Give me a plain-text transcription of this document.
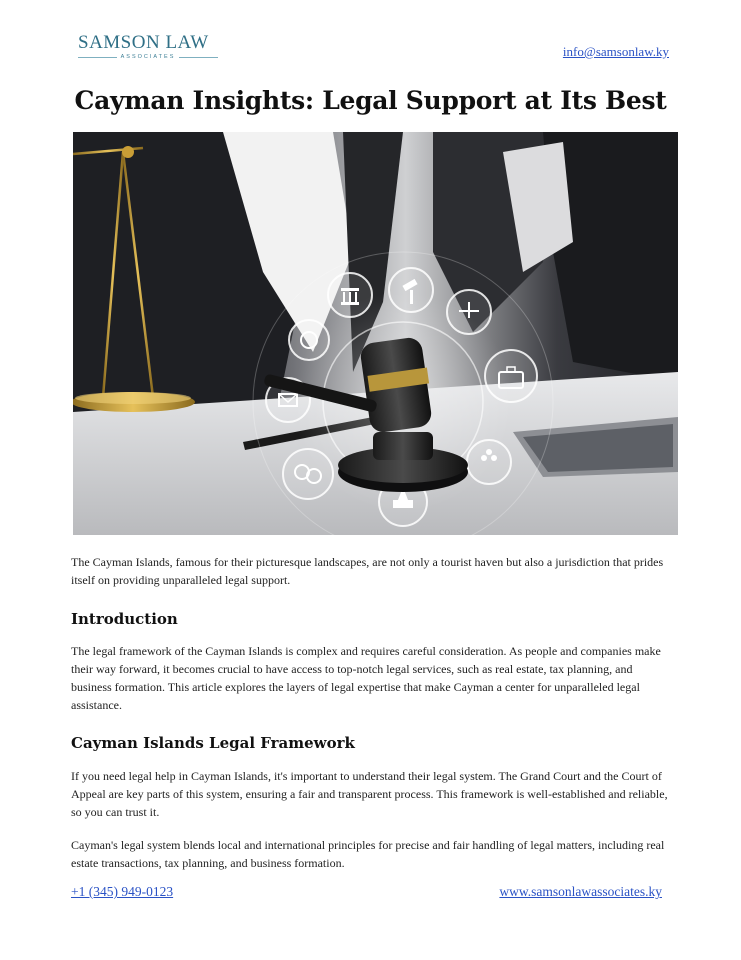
SAMSON LAW
ASSOCIATES	info@samsonlaw.ky
Cayman Insights: Legal Support at Its Best
The Cayman Islands, famous for their picturesque landscapes, are not only a tourist haven but also a jurisdiction that prides itself on providing unparalleled legal support.
Introduction
The legal framework of the Cayman Islands is complex and requires careful consideration. As people and companies make their way forward, it becomes crucial to have access to top-notch legal services, such as real estate, tax planning, and business formation. This article explores the layers of legal expertise that make Cayman a center for unparalleled legal assistance.
Cayman Islands Legal Framework
If you need legal help in Cayman Islands, it's important to understand their legal system. The Grand Court and the Court of Appeal are key parts of this system, ensuring a fair and transparent process. This framework is well-established and reliable, so you can trust it.
Cayman's legal system blends local and international principles for precise and fair handling of legal matters, including real estate transactions, tax planning, and business formation.
+1 (345) 949-0123	www.samsonlawassociates.ky
